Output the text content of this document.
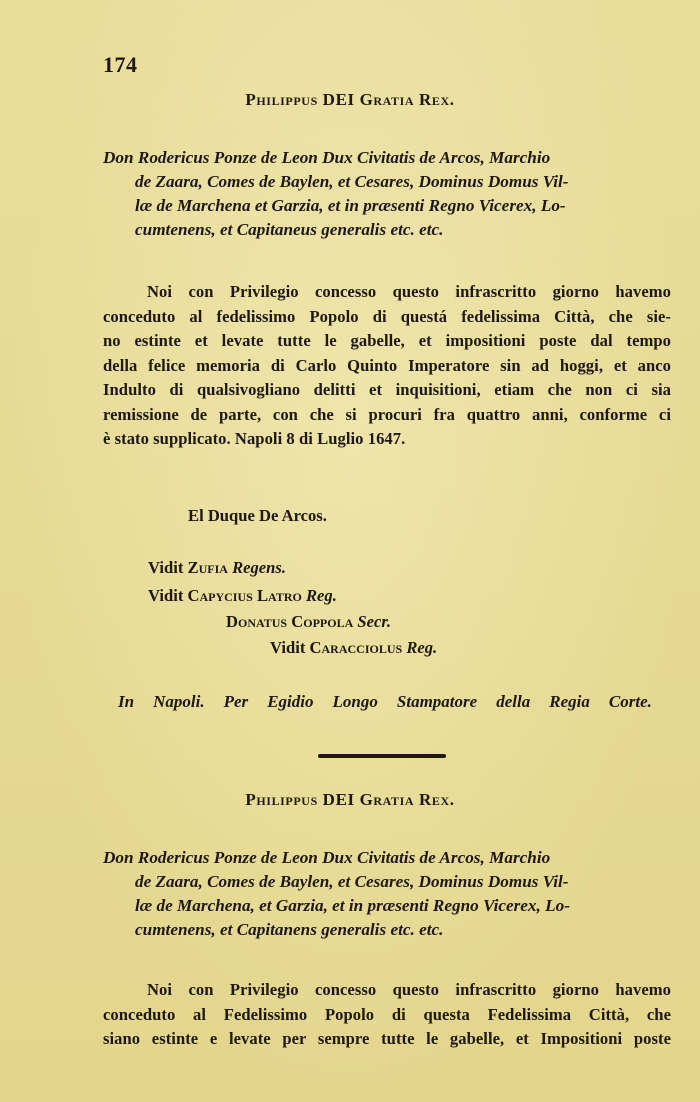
174
Philippus DEI Gratia Rex.
Don Rodericus Ponze de Leon Dux Civitatis de Arcos, Marchio
de Zaara, Comes de Baylen, et Cesares, Dominus Domus Vil-
læ de Marchena et Garzia, et in præsenti Regno Vicerex, Lo-
cumtenens, et Capitaneus generalis etc. etc.
Noi con Privilegio concesso questo infrascritto giorno havemo
conceduto al fedelissimo Popolo di questá fedelissima Città, che sie-
no estinte et levate tutte le gabelle, et impositioni poste dal tempo
della felice memoria di Carlo Quinto Imperatore sin ad hoggi, et anco
Indulto di qualsivogliano delitti et inquisitioni, etiam che non ci sia
remissione de parte, con che si procuri fra quattro anni, conforme ci
è stato supplicato. Napoli 8 di Luglio 1647.
El Duque De Arcos.
Vidit Zufia Regens.
Vidit Capycius Latro Reg.
Donatus Coppola Secr.
Vidit Caracciolus Reg.
In Napoli. Per Egidio Longo Stampatore della Regia Corte.
Philippus DEI Gratia Rex.
Don Rodericus Ponze de Leon Dux Civitatis de Arcos, Marchio
de Zaara, Comes de Baylen, et Cesares, Dominus Domus Vil-
læ de Marchena, et Garzia, et in præsenti Regno Vicerex, Lo-
cumtenens, et Capitanens generalis etc. etc.
Noi con Privilegio concesso questo infrascritto giorno havemo
conceduto al Fedelissimo Popolo di questa Fedelissima Città, che
siano estinte e levate per sempre tutte le gabelle, et Impositioni poste
